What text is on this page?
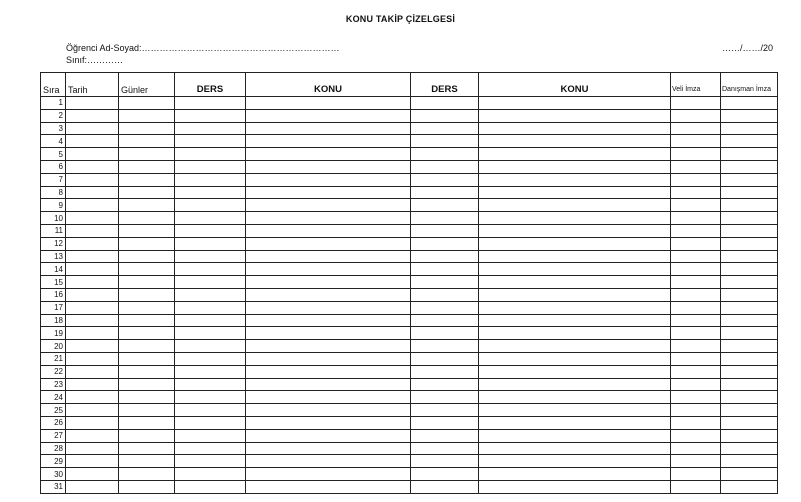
KONU TAKİP ÇİZELGESİ
Öğrenci Ad-Soyad:…………………………………………………………
Sınıf:…………
……/……/20
Sıra	Tarih	Günler	DERS	KONU	DERS	KONU	Veli İmza	Danışman İmza
1								
2								
3								
4								
5								
6								
7								
8								
9								
10								
11								
12								
13								
14								
15								
16								
17								
18								
19								
20								
21								
22								
23								
24								
25								
26								
27								
28								
29								
30								
31								
